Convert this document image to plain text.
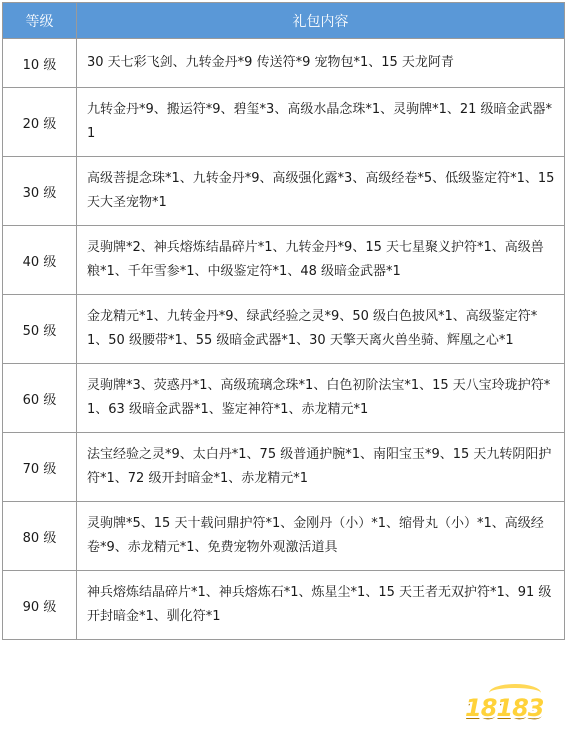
等级	礼包内容
10 级	30 天七彩飞剑、九转金丹*9 传送符*9 宠物包*1、15 天龙阿青
20 级	九转金丹*9、搬运符*9、碧玺*3、高级水晶念珠*1、灵驹牌*1、21 级暗金武器*1
30 级	高级菩提念珠*1、九转金丹*9、高级强化露*3、高级经卷*5、低级鉴定符*1、15 天大圣宠物*1
40 级	灵驹牌*2、神兵熔炼结晶碎片*1、九转金丹*9、15 天七星聚义护符*1、高级兽粮*1、千年雪参*1、中级鉴定符*1、48 级暗金武器*1
50 级	金龙精元*1、九转金丹*9、绿武经验之灵*9、50 级白色披风*1、高级鉴定符*1、50 级腰带*1、55 级暗金武器*1、30 天擎天离火兽坐骑、辉凰之心*1
60 级	灵驹牌*3、荧惑丹*1、高级琉璃念珠*1、白色初阶法宝*1、15 天八宝玲珑护符*1、63 级暗金武器*1、鉴定神符*1、赤龙精元*1
70 级	法宝经验之灵*9、太白丹*1、75 级普通护腕*1、南阳宝玉*9、15 天九转阴阳护符*1、72 级开封暗金*1、赤龙精元*1
80 级	灵驹牌*5、15 天十载问鼎护符*1、金刚丹（小）*1、缩骨丸（小）*1、高级经卷*9、赤龙精元*1、免费宠物外观激活道具
90 级	神兵熔炼结晶碎片*1、神兵熔炼石*1、炼星尘*1、15 天王者无双护符*1、91 级开封暗金*1、驯化符*1
18183
